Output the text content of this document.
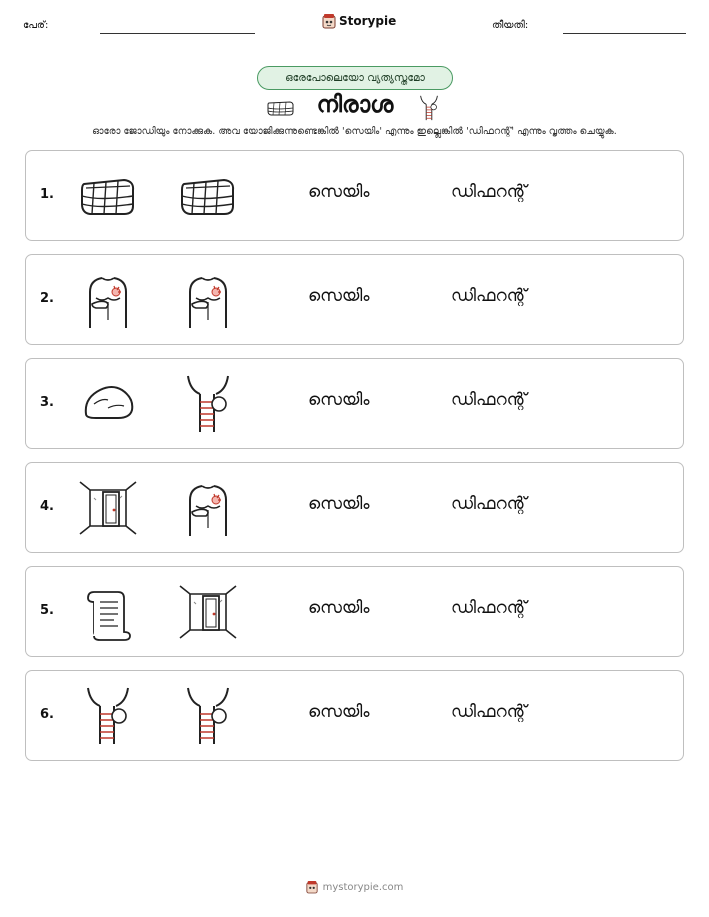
പേര്:	Storypie	തീയതി:
ഒരേപോലെയോ വ്യത്യസ്തമോ
നിരാശ
ഓരോ ജോഡിയും നോക്കുക. അവ യോജിക്കുന്നുണ്ടെങ്കിൽ 'സെയിം' എന്നും ഇല്ലെങ്കിൽ 'ഡിഫറന്റ്' എന്നും വൃത്തം ചെയ്യുക.
1.	സെയിം	ഡിഫറന്റ്
2.	സെയിം	ഡിഫറന്റ്
3.	സെയിം	ഡിഫറന്റ്
4.	സെയിം	ഡിഫറന്റ്
5.	സെയിം	ഡിഫറന്റ്
6.	സെയിം	ഡിഫറന്റ്
mystorypie.com
